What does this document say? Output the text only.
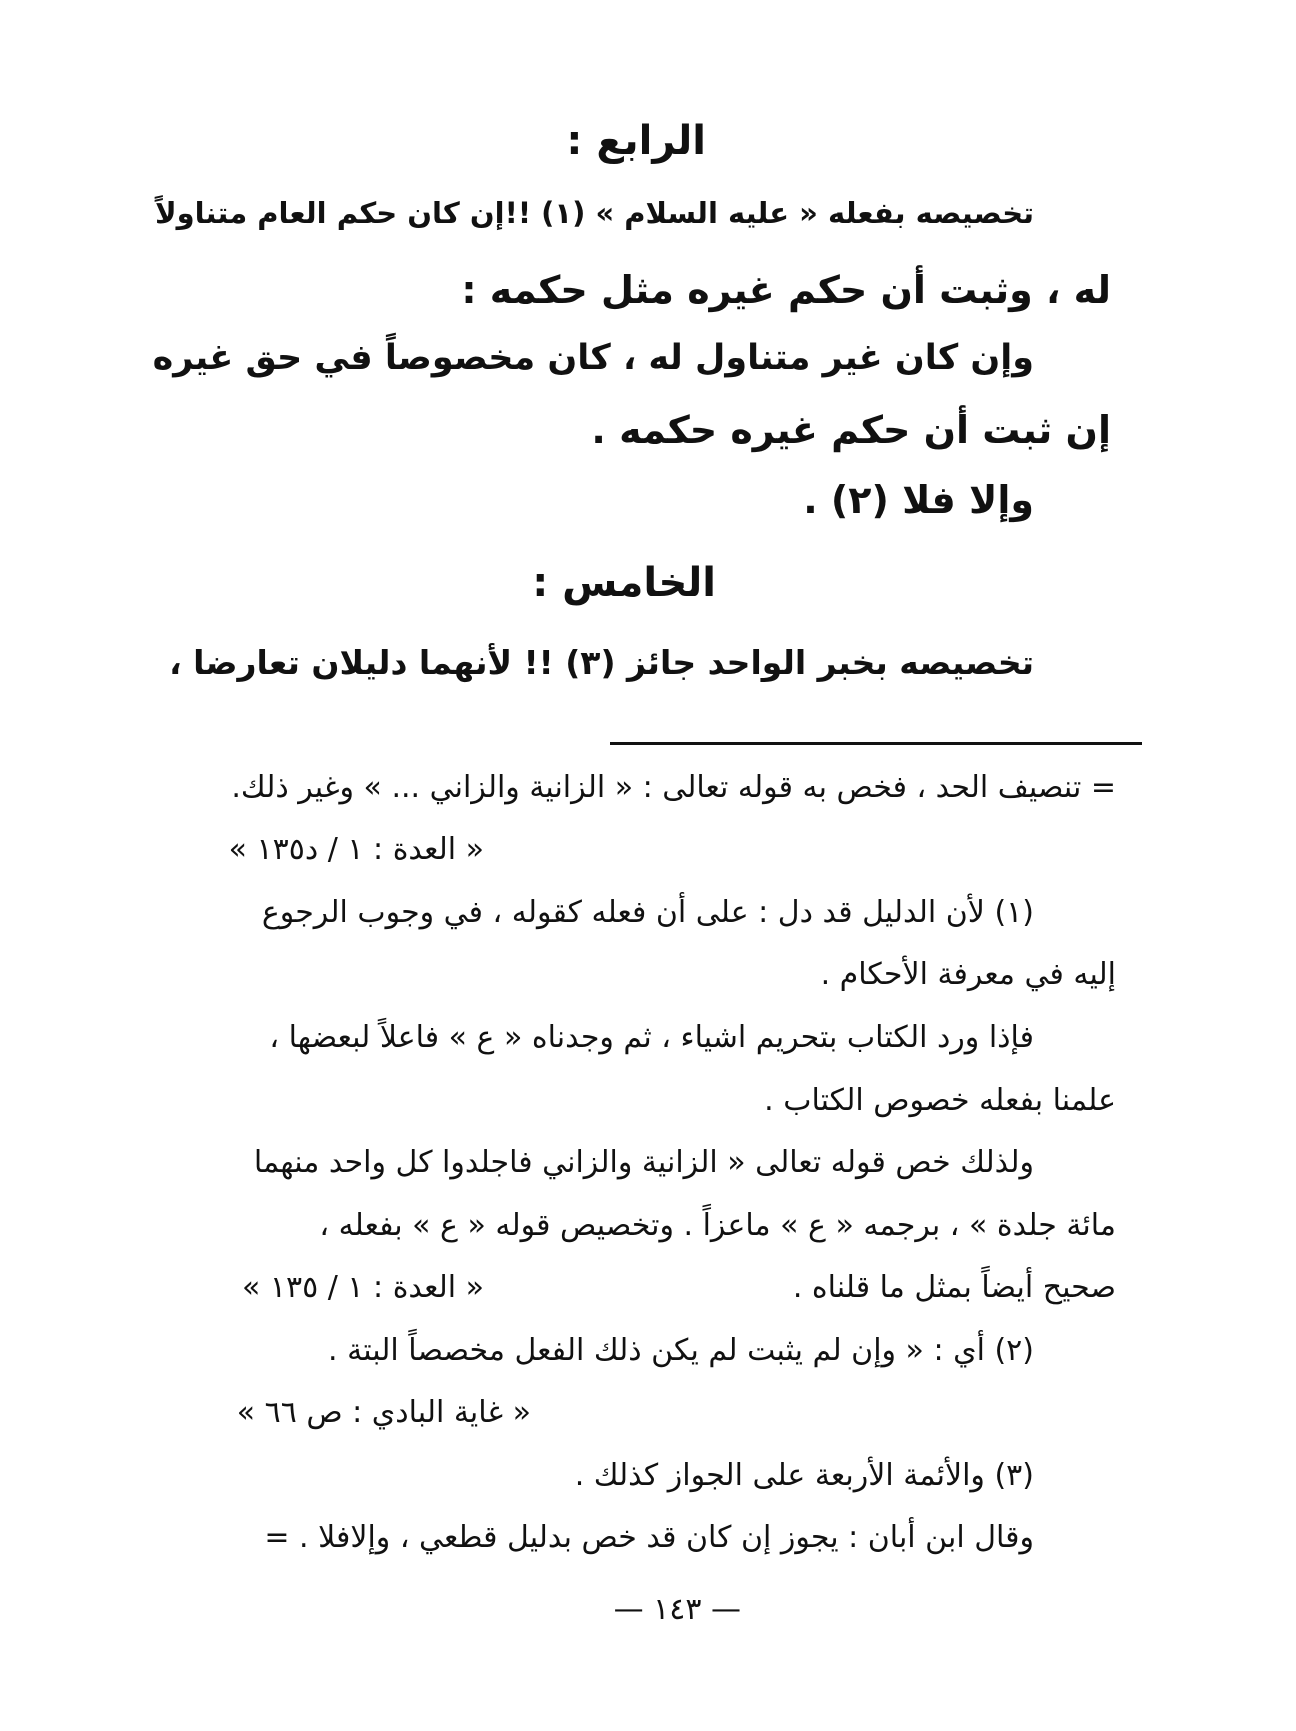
الرابع :
تخصيصه بفعله « عليه السلام » (١) !!إن كان حكم العام متناولاً
له ، وثبت أن حكم غيره مثل حكمه :
وإن كان غير متناول له ، كان مخصوصاً في حق غيره
إن ثبت أن حكم غيره حكمه .
وإلا فلا (٢) .
الخامس :
تخصيصه بخبر الواحد جائز (٣) !! لأنهما دليلان تعارضا ،
= تنصيف الحد ، فخص به قوله تعالى : « الزانية والزاني ... » وغير ذلك.
« العدة : ١ / د١٣٥ »
(١) لأن الدليل قد دل : على أن فعله كقوله ، في وجوب الرجوع
إليه في معرفة الأحكام .
فإذا ورد الكتاب بتحريم اشياء ، ثم وجدناه « ع » فاعلاً لبعضها ،
علمنا بفعله خصوص الكتاب .
ولذلك خص قوله تعالى « الزانية والزاني فاجلدوا كل واحد منهما
مائة جلدة » ، برجمه « ع » ماعزاً . وتخصيص قوله « ع » بفعله ،
صحيح أيضاً بمثل ما قلناه .
« العدة : ١ / ١٣٥ »
(٢) أي : « وإن لم يثبت لم يكن ذلك الفعل مخصصاً البتة .
« غاية البادي : ص ٦٦ »
(٣) والأئمة الأربعة على الجواز كذلك .
وقال ابن أبان : يجوز إن كان قد خص بدليل قطعي ، وإلافلا . =
— ١٤٣ —
